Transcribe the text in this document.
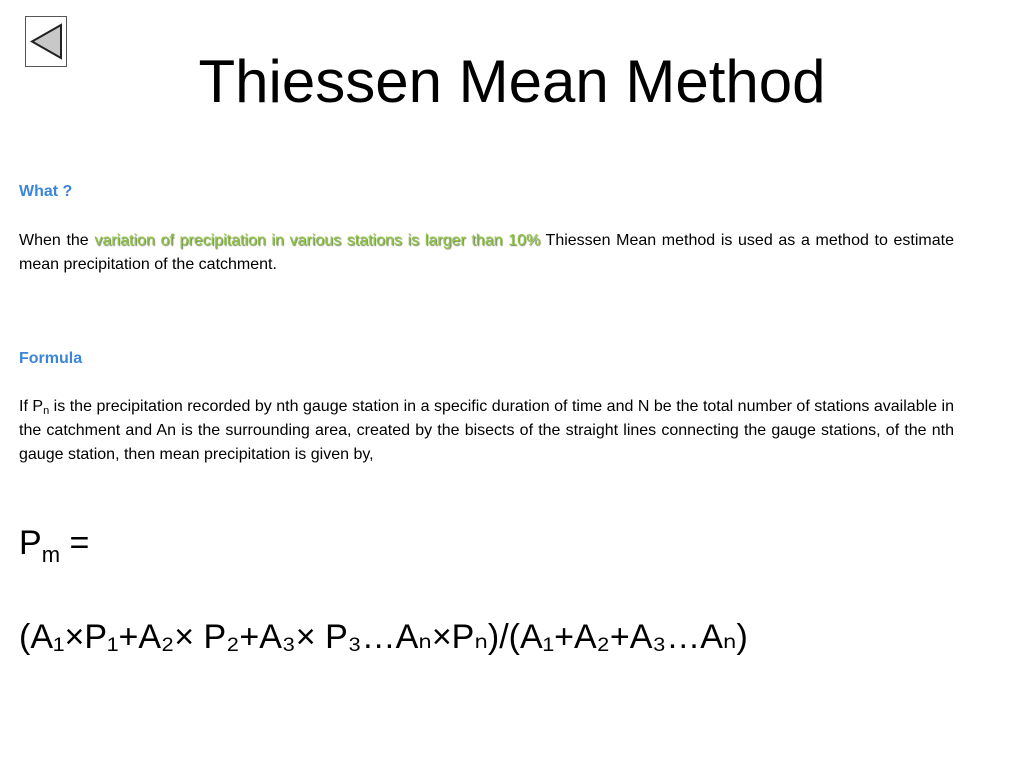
Thiessen Mean Method
What ?
When the variation of precipitation in various stations is larger than 10% Thiessen Mean method is used as a method to estimate mean precipitation of the catchment.
Formula
If $P_n$ is the precipitation recorded by nth gauge station in a specific duration of time and N be the total number of stations available in the catchment and An is the surrounding area, created by the bisects of the straight lines connecting the gauge stations, of the nth gauge station, then mean precipitation is given by,
$P_m$ =
(A₁×P₁+A₂× P₂+A₃× P₃…Aₙ×Pₙ)/(A₁+A₂+A₃…Aₙ)
